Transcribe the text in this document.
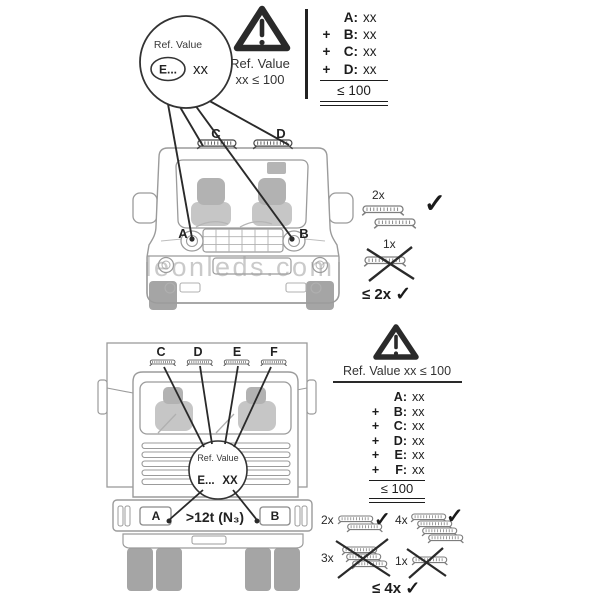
C	D
A	B
Ref. Value
E... xx
C D E F
Ref. Value
E... XX
A	B
>12t (N₃)
Ref. Value
xx ≤ 100
A: xx
+ B: xx
+ C: xx
+ D: xx
≤ 100
2x ✓
1x
≤ 2x ✓
leonleds.com
Ref. Value xx ≤ 100
A: xx
+	B: xx
+	C: xx
+	D: xx
+	E: xx
+	F: xx
≤ 100
2x ✓ 4x ✓
3x	1x
≤ 4x ✓
